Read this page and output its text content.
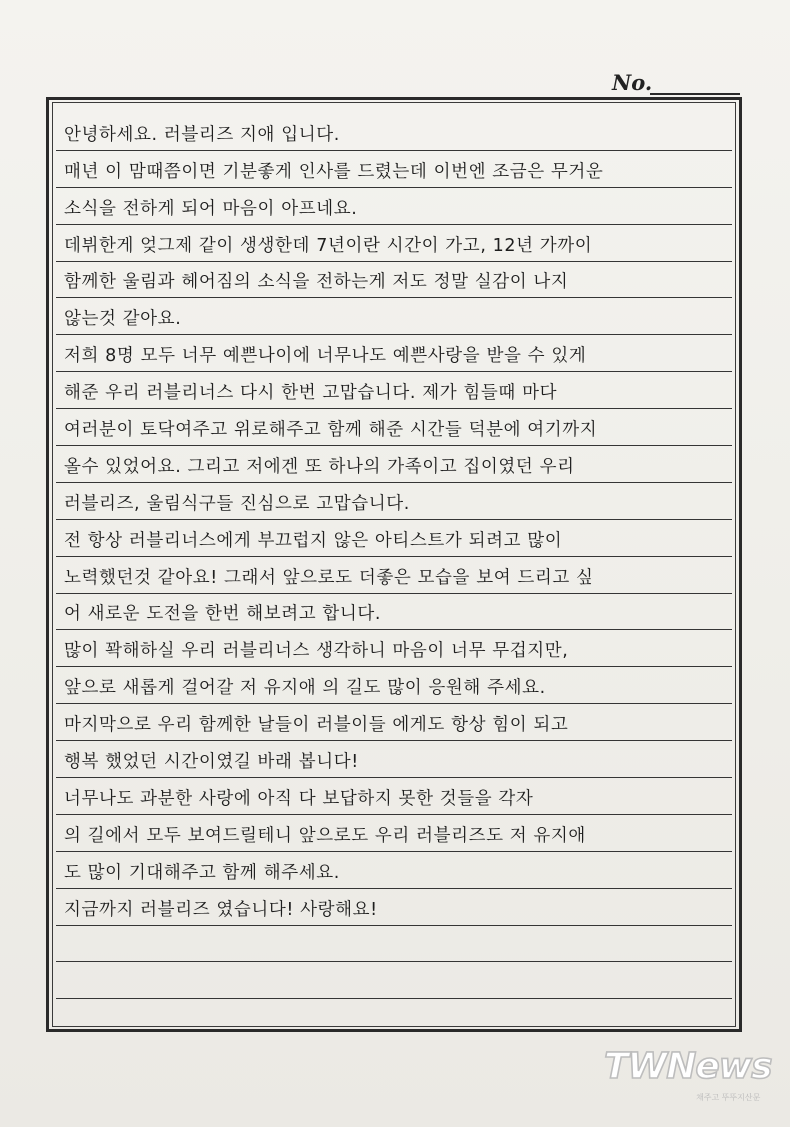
No.
안녕하세요. 러블리즈 지애 입니다.
매년 이 맘때쯤이면 기분좋게 인사를 드렸는데 이번엔 조금은 무거운
소식을 전하게 되어 마음이 아프네요.
데뷔한게 엊그제 같이 생생한데 7년이란 시간이 가고, 12년 가까이
함께한 울림과 헤어짐의 소식을 전하는게 저도 정말 실감이 나지
않는것 같아요.
저희 8명 모두 너무 예쁜나이에 너무나도 예쁜사랑을 받을 수 있게
해준 우리 러블리너스 다시 한번 고맙습니다. 제가 힘들때 마다
여러분이 토닥여주고 위로해주고 함께 해준 시간들 덕분에 여기까지
올수 있었어요. 그리고 저에겐 또 하나의 가족이고 집이였던 우리
러블리즈, 울림식구들 진심으로 고맙습니다.
전 항상 러블리너스에게 부끄럽지 않은 아티스트가 되려고 많이
노력했던것 같아요! 그래서 앞으로도 더좋은 모습을 보여 드리고 싶
어 새로운 도전을 한번 해보려고 합니다.
많이 꽉해하실 우리 러블리너스 생각하니 마음이 너무 무겁지만,
앞으로 새롭게 걸어갈 저 유지애 의 길도 많이 응원해 주세요.
마지막으로 우리 함께한 날들이 러블이들 에게도 항상 힘이 되고
행복 했었던 시간이였길 바래 봅니다!
너무나도 과분한 사랑에 아직 다 보답하지 못한 것들을 각자
의 길에서 모두 보여드릴테니 앞으로도 우리 러블리즈도 저 유지애
도 많이 기대해주고 함께 해주세요.
지금까지 러블리즈 였습니다! 사랑해요!
TWNews
채주고 뚜뚜지산문
